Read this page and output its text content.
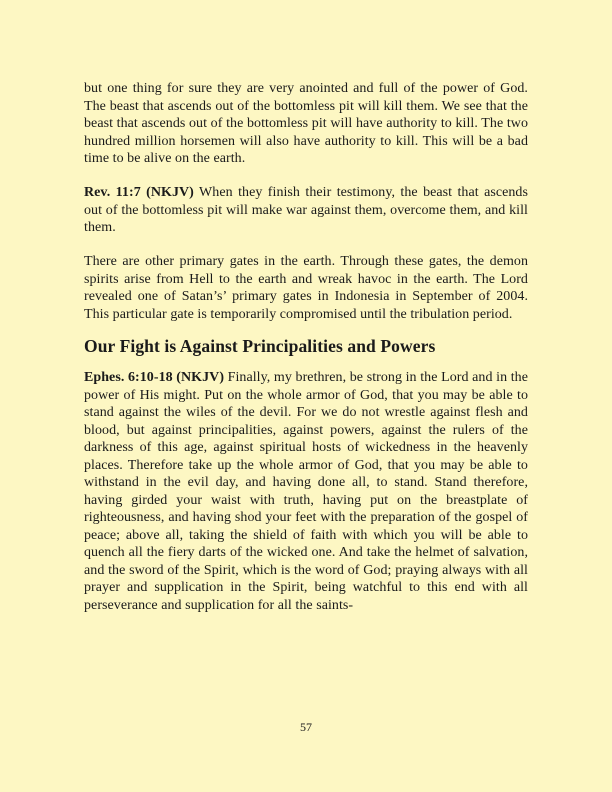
but one thing for sure they are very anointed and full of the power of God. The beast that ascends out of the bottomless pit will kill them. We see that the beast that ascends out of the bottomless pit will have authority to kill. The two hundred million horsemen will also have authority to kill. This will be a bad time to be alive on the earth.

Rev. 11:7 (NKJV) When they finish their testimony, the beast that ascends out of the bottomless pit will make war against them, overcome them, and kill them.

There are other primary gates in the earth. Through these gates, the demon spirits arise from Hell to the earth and wreak havoc in the earth. The Lord revealed one of Satan’s’ primary gates in Indonesia in September of 2004. This particular gate is temporarily compromised until the tribulation period.

Our Fight is Against Principalities and Powers

Ephes. 6:10-18 (NKJV) Finally, my brethren, be strong in the Lord and in the power of His might. Put on the whole armor of God, that you may be able to stand against the wiles of the devil. For we do not wrestle against flesh and blood, but against principalities, against powers, against the rulers of the darkness of this age, against spiritual hosts of wickedness in the heavenly places. Therefore take up the whole armor of God, that you may be able to withstand in the evil day, and having done all, to stand. Stand therefore, having girded your waist with truth, having put on the breastplate of righteousness, and having shod your feet with the preparation of the gospel of peace; above all, taking the shield of faith with which you will be able to quench all the fiery darts of the wicked one. And take the helmet of salvation, and the sword of the Spirit, which is the word of God; praying always with all prayer and supplication in the Spirit, being watchful to this end with all perseverance and supplication for all the saints-

57
